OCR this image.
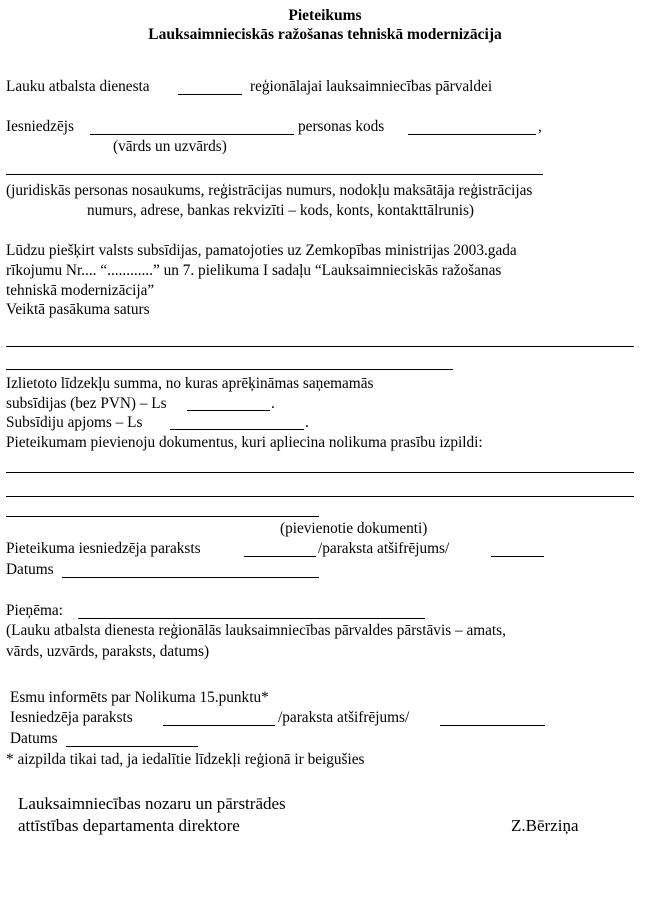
Pieteikums
Lauksaimnieciskās ražošanas tehniskā modernizācija
Lauku atbalsta dienesta	reģionālajai lauksaimniecības pārvaldei
Iesniedzējs	personas kods	,
(vārds un uzvārds)
(juridiskās personas nosaukums, reģistrācijas numurs, nodokļu maksātāja reģistrācijas
numurs, adrese, bankas rekvizīti – kods, konts, kontakttālrunis)
Lūdzu piešķirt valsts subsīdijas, pamatojoties uz Zemkopības ministrijas 2003.gada
rīkojumu Nr.... “............” un 7. pielikuma I sadaļu “Lauksaimnieciskās ražošanas
tehniskā modernizācija”
Veiktā pasākuma saturs
Izlietoto līdzekļu summa, no kuras aprēķināmas saņemamās
subsīdijas (bez PVN) – Ls	.
Subsīdiju apjoms – Ls	.
Pieteikumam pievienoju dokumentus, kuri apliecina nolikuma prasību izpildi:
(pievienotie dokumenti)
Pieteikuma iesniedzēja paraksts	/paraksta atšifrējums/
Datums
Pieņēma:
(Lauku atbalsta dienesta reģionālās lauksaimniecības pārvaldes pārstāvis – amats,
vārds, uzvārds, paraksts, datums)
Esmu informēts par Nolikuma 15.punktu*
Iesniedzēja paraksts	/paraksta atšifrējums/
Datums
* aizpilda tikai tad, ja iedalītie līdzekļi reģionā ir beigušies
Lauksaimniecības nozaru un pārstrādes
attīstības departamenta direktore	Z.Bērziņa
